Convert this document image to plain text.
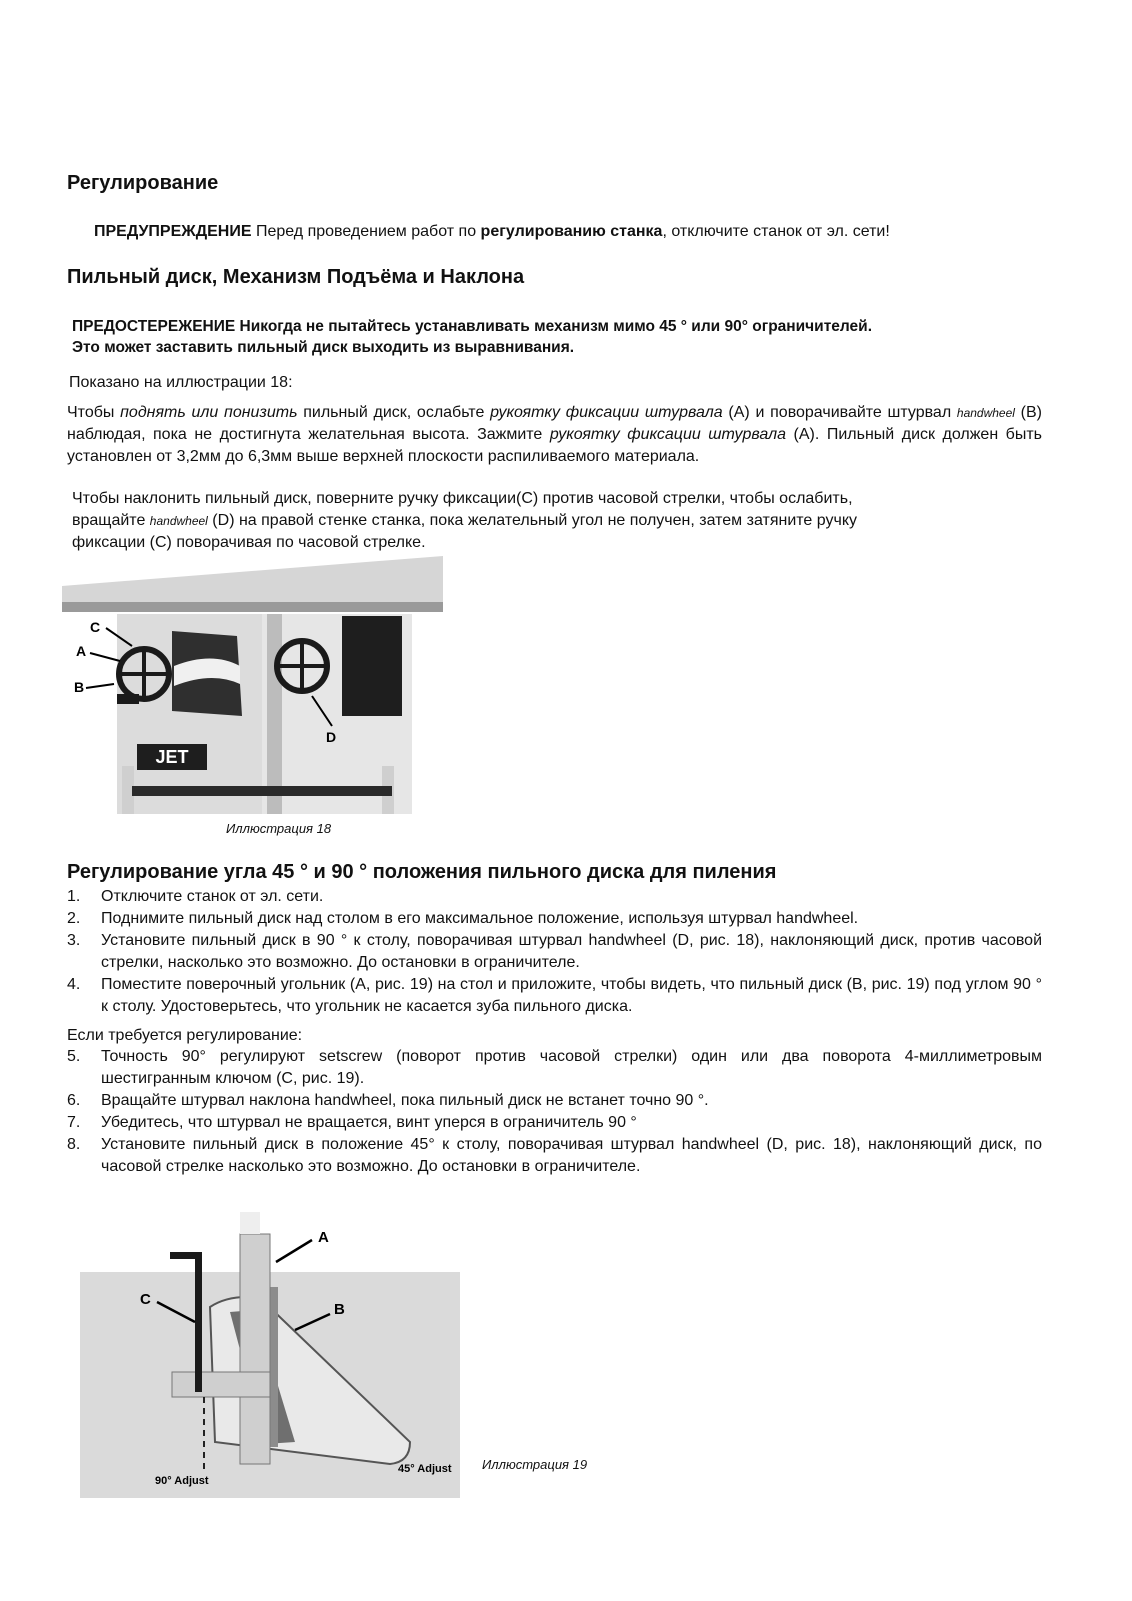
Регулирование
ПРЕДУПРЕЖДЕНИЕ Перед проведением работ по регулированию станка, отключите станок от эл. сети!
Пильный диск, Механизм Подъёма и Наклона
ПРЕДОСТЕРЕЖЕНИЕ Никогда не пытайтесь устанавливать механизм мимо 45 ° или 90° ограничителей.
Это может заставить пильный диск выходить из выравнивания.
Показано на иллюстрации 18:
Чтобы поднять или понизить пильный диск, ослабьте рукоятку фиксации штурвала (A) и поворачивайте штурвал handwheel (B) наблюдая, пока не достигнута желательная высота. Зажмите рукоятку фиксации штурвала (A). Пильный диск должен быть установлен от 3,2мм до 6,3мм выше верхней плоскости распиливаемого материала.
Чтобы наклонить пильный диск, поверните ручку фиксации(C) против часовой стрелки, чтобы ослабить,
вращайте handwheel (D) на правой стенке станка, пока желательный угол не получен, затем затяните ручку
фиксации (C) поворачивая по часовой стрелке.
JET
C
A
B
D
Иллюстрация 18
Регулирование угла 45 ° и 90 ° положения пильного диска для пиления
1. Отключите станок от эл. сети.
2. Поднимите пильный диск над столом в его максимальное положение, используя штурвал handwheel.
3. Установите пильный диск в 90 ° к столу, поворачивая штурвал handwheel (D, рис. 18), наклоняющий диск, против часовой стрелки, насколько это возможно. До остановки в ограничителе.
4. Поместите поверочный угольник (A, рис. 19) на стол и приложите, чтобы видеть, что пильный диск (B, рис. 19) под углом 90 ° к столу. Удостоверьтесь, что угольник не касается зуба пильного диска.
Если требуется регулирование:
5. Точность 90° регулируют setscrew (поворот против часовой стрелки) один или два поворота 4-миллиметровым шестигранным ключом (C, рис. 19).
6. Вращайте штурвал наклона handwheel, пока пильный диск не встанет точно 90 °.
7. Убедитесь, что штурвал не вращается, винт уперся в ограничитель 90 °
8. Установите пильный диск в положение 45° к столу, поворачивая штурвал handwheel (D, рис. 18), наклоняющий диск, по часовой стрелке насколько это возможно. До остановки в ограничителе.
A
B
C
90° Adjust
45° Adjust Иллюстрация 19
